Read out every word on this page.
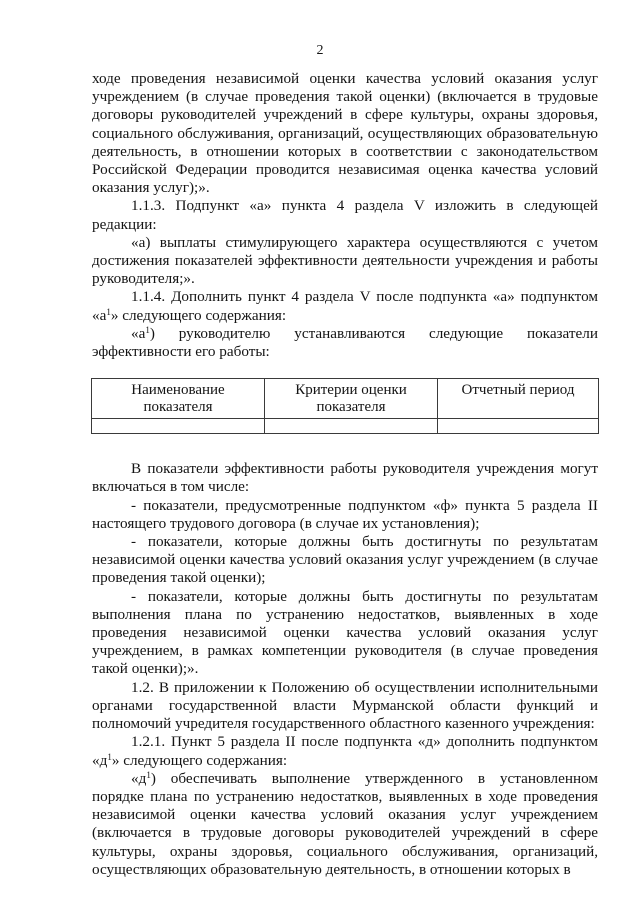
2

ходе проведения независимой оценки качества условий оказания услуг учреждением (в случае проведения такой оценки) (включается в трудовые договоры руководителей учреждений в сфере культуры, охраны здоровья, социального обслуживания, организаций, осуществляющих образовательную деятельность, в отношении которых в соответствии с законодательством Российской Федерации проводится независимая оценка качества условий оказания услуг);».

1.1.3. Подпункт «а» пункта 4 раздела V изложить в следующей редакции:

«а) выплаты стимулирующего характера осуществляются с учетом достижения показателей эффективности деятельности учреждения и работы руководителя;».

1.1.4. Дополнить пункт 4 раздела V после подпункта «а» подпунктом «$а^1$» следующего содержания:

«$а^1$) руководителю устанавливаются следующие показатели эффективности его работы:

Наименование показателя	Критерии оценки показателя	Отчетный период

В показатели эффективности работы руководителя учреждения могут включаться в том числе:

- показатели, предусмотренные подпунктом «ф» пункта 5 раздела II настоящего трудового договора (в случае их установления);

- показатели, которые должны быть достигнуты по результатам независимой оценки качества условий оказания услуг учреждением (в случае проведения такой оценки);

- показатели, которые должны быть достигнуты по результатам выполнения плана по устранению недостатков, выявленных в ходе проведения независимой оценки качества условий оказания услуг учреждением, в рамках компетенции руководителя (в случае проведения такой оценки);».

1.2. В приложении к Положению об осуществлении исполнительными органами государственной власти Мурманской области функций и полномочий учредителя государственного областного казенного учреждения:

1.2.1. Пункт 5 раздела II после подпункта «д» дополнить подпунктом «$д^1$» следующего содержания:

«$д^1$) обеспечивать выполнение утвержденного в установленном порядке плана по устранению недостатков, выявленных в ходе проведения независимой оценки качества условий оказания услуг учреждением (включается в трудовые договоры руководителей учреждений в сфере культуры, охраны здоровья, социального обслуживания, организаций, осуществляющих образовательную деятельность, в отношении которых в
